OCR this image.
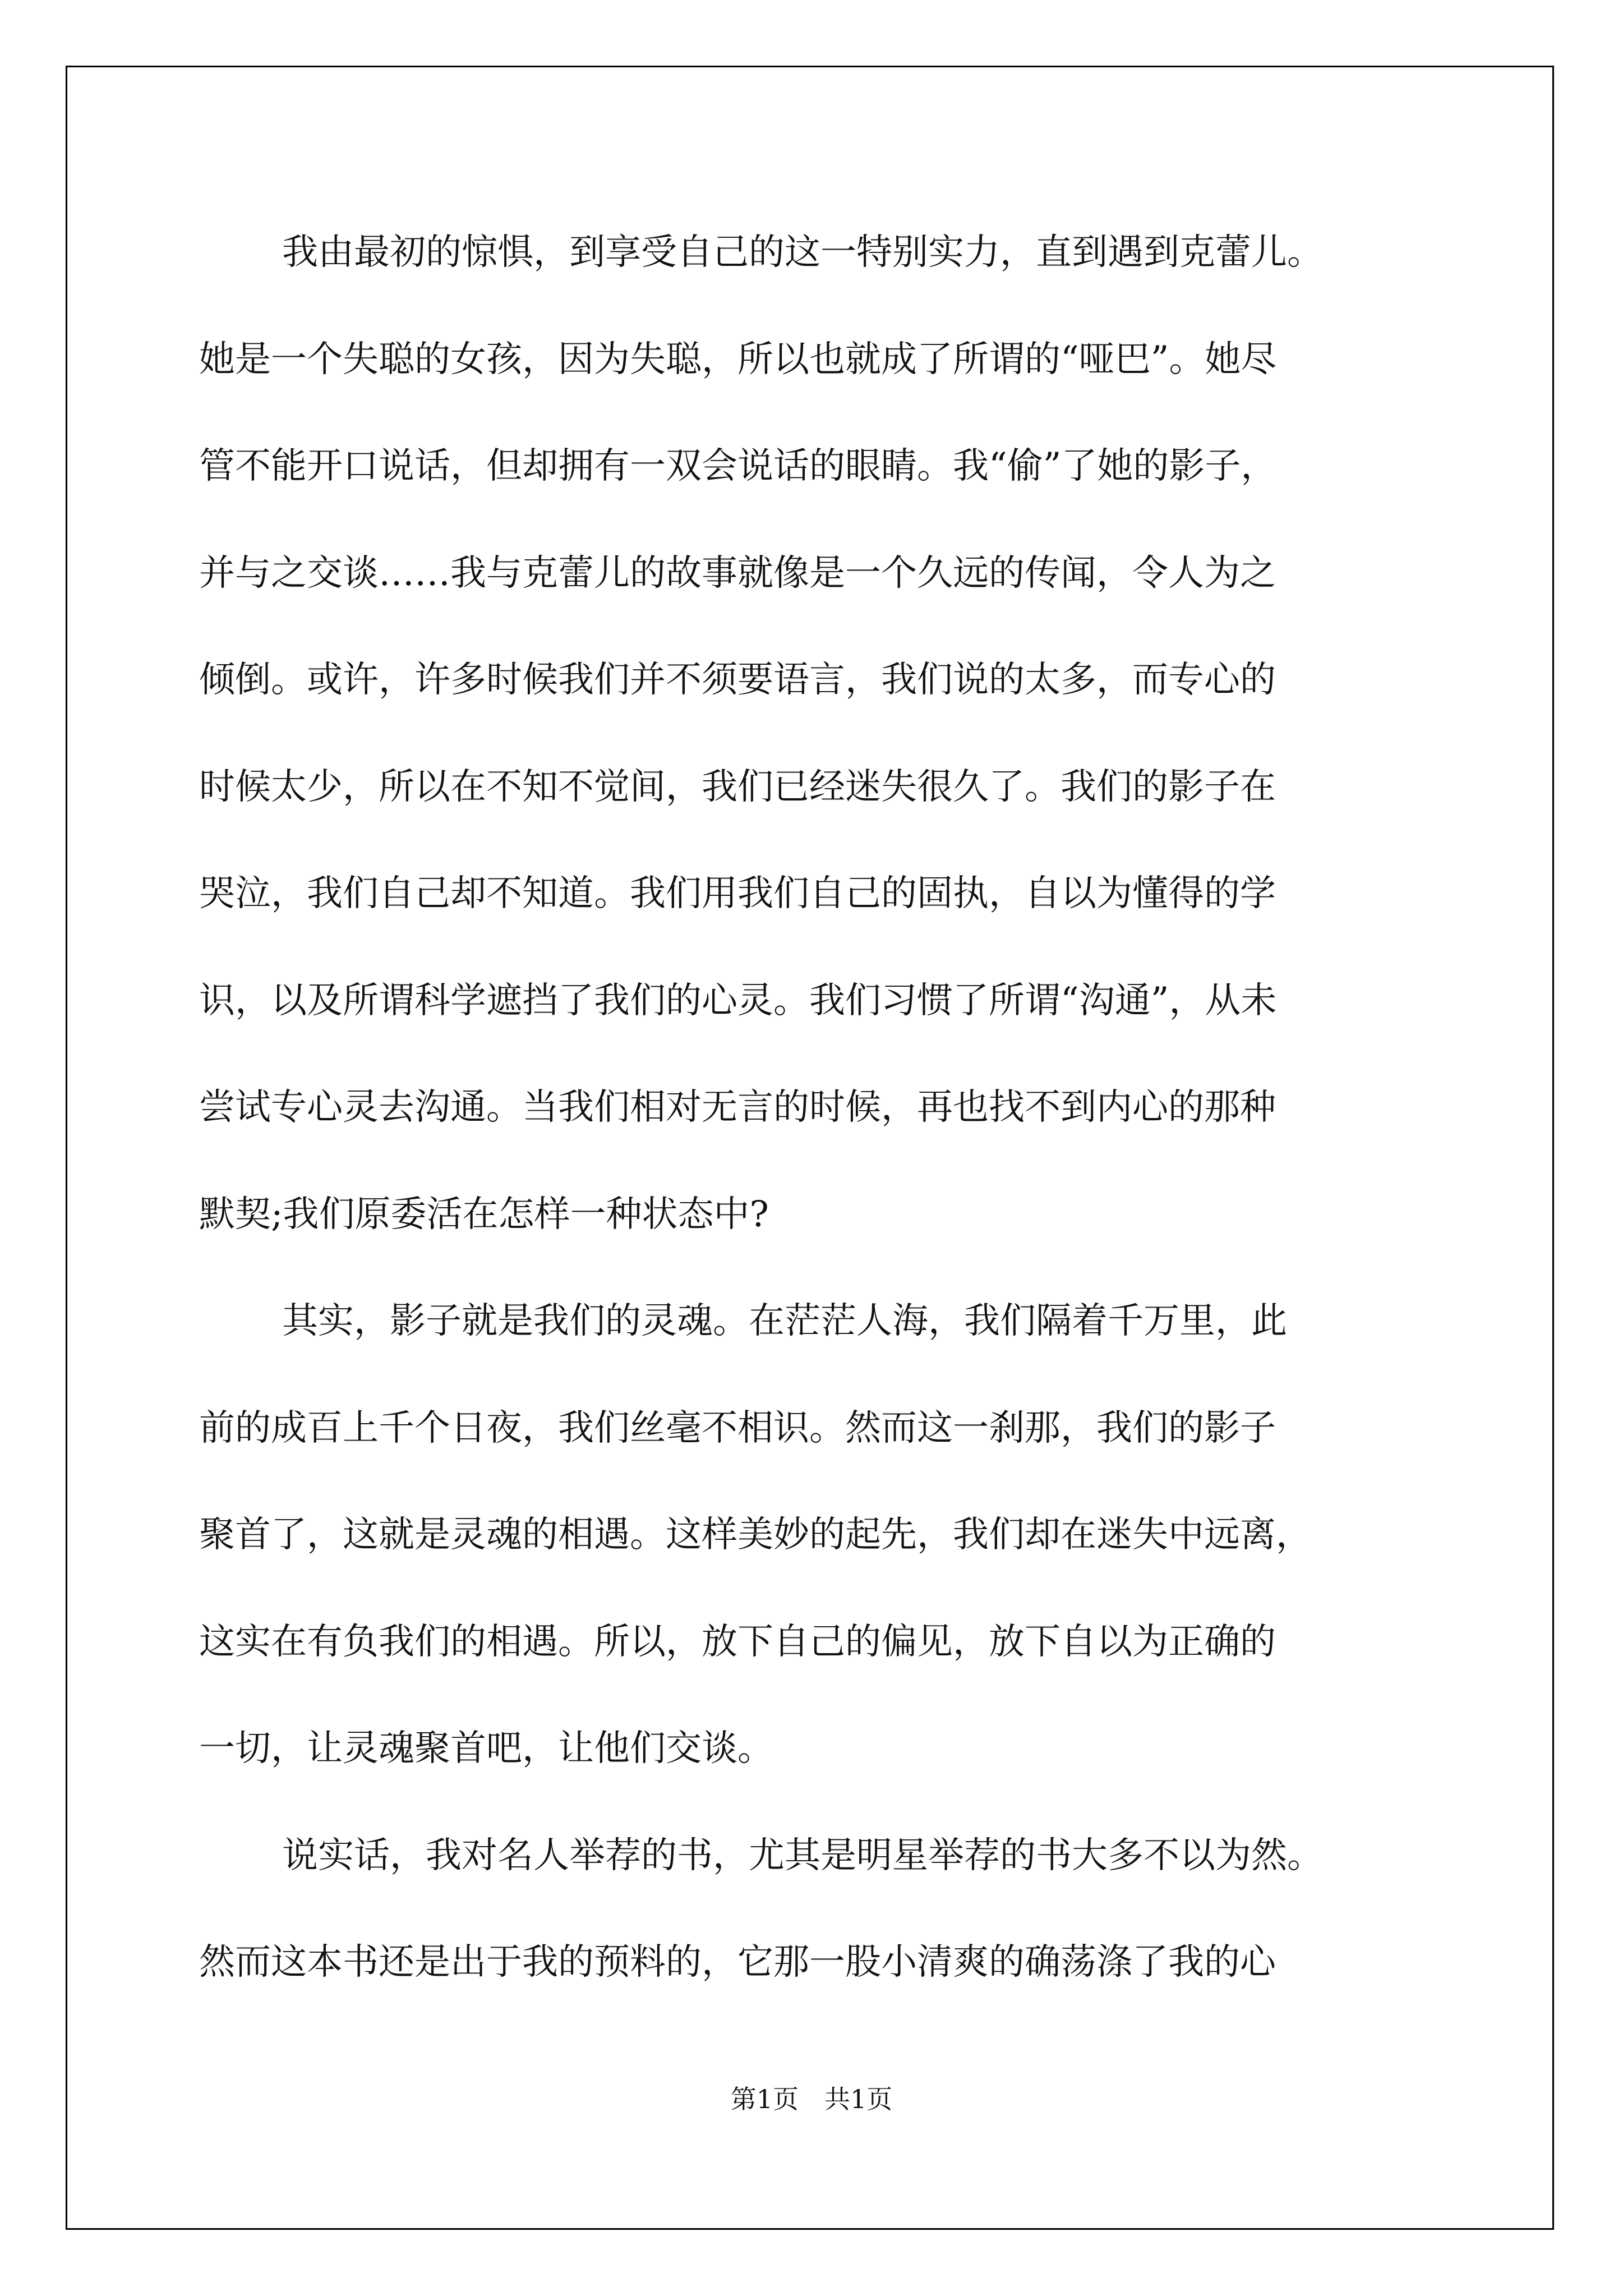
我由最初的惊惧，到享受自己的这一特别实力，直到遇到克蕾儿。
她是一个失聪的女孩，因为失聪，所以也就成了所谓的“哑巴”。她尽
管不能开口说话，但却拥有一双会说话的眼睛。我“偷”了她的影子，
并与之交谈……我与克蕾儿的故事就像是一个久远的传闻，令人为之
倾倒。或许，许多时候我们并不须要语言，我们说的太多，而专心的
时候太少，所以在不知不觉间，我们已经迷失很久了。我们的影子在
哭泣，我们自己却不知道。我们用我们自己的固执，自以为懂得的学
识，以及所谓科学遮挡了我们的心灵。我们习惯了所谓“沟通”，从未
尝试专心灵去沟通。当我们相对无言的时候，再也找不到内心的那种
默契;我们原委活在怎样一种状态中?
其实，影子就是我们的灵魂。在茫茫人海，我们隔着千万里，此
前的成百上千个日夜，我们丝毫不相识。然而这一刹那，我们的影子
聚首了，这就是灵魂的相遇。这样美妙的起先，我们却在迷失中远离，
这实在有负我们的相遇。所以，放下自己的偏见，放下自以为正确的
一切，让灵魂聚首吧，让他们交谈。
说实话，我对名人举荐的书，尤其是明星举荐的书大多不以为然。
然而这本书还是出于我的预料的，它那一股小清爽的确荡涤了我的心
第1页　共1页
